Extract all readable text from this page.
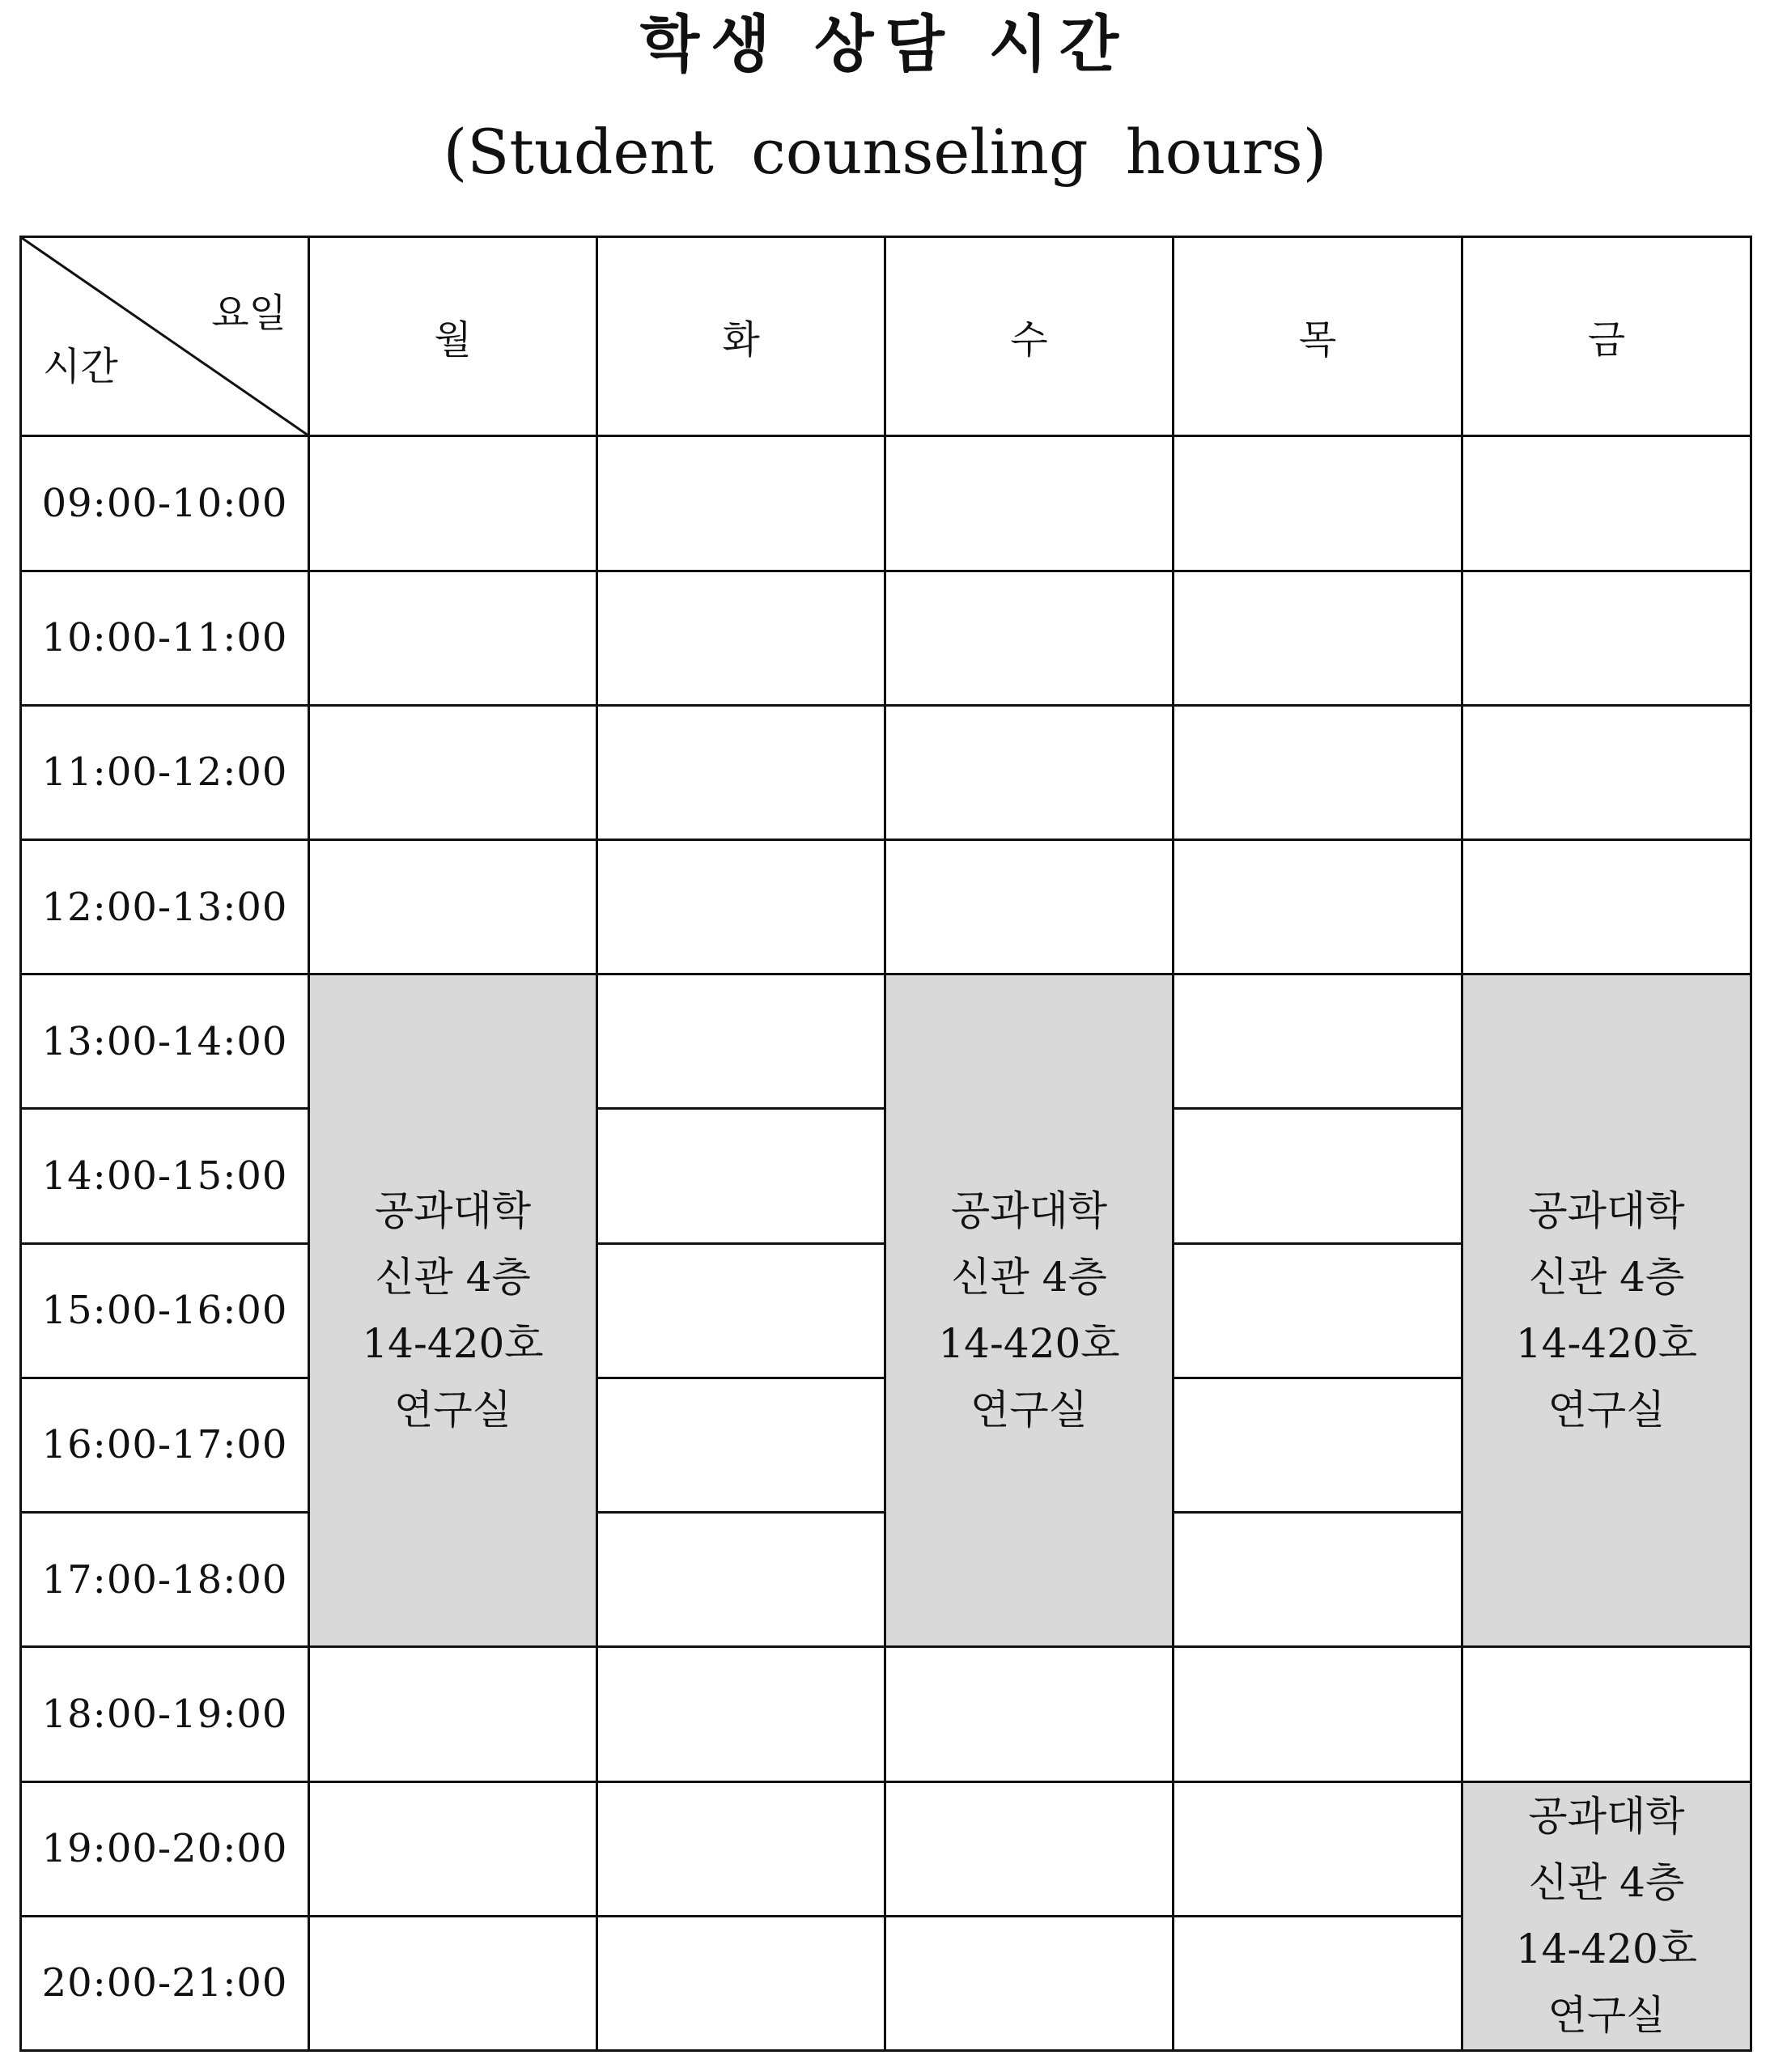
학생 상담 시간
(Student counseling hours)
요일
시간	월	화	수	목	금
09:00-10:00					
10:00-11:00					
11:00-12:00					
12:00-13:00					
13:00-14:00	공과대학
신관 4층
14-420호
연구실		공과대학
신관 4층
14-420호
연구실		공과대학
신관 4층
14-420호
연구실

14:00-15:00					
15:00-16:00					
16:00-17:00					
17:00-18:00					
18:00-19:00					
19:00-20:00					공과대학
신관 4층
14-420호
연구실

20:00-21:00					
